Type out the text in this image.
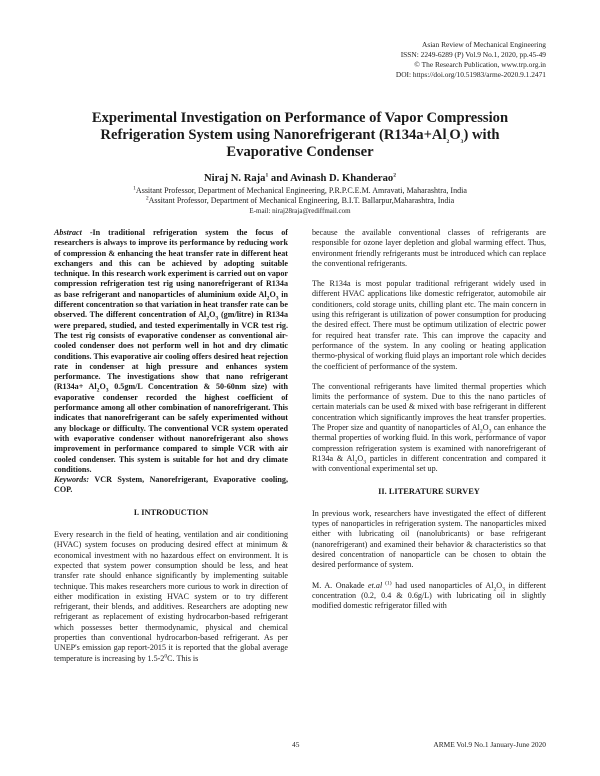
Asian Review of Mechanical Engineering
ISSN: 2249-6289 (P) Vol.9 No.1, 2020, pp.45-49
© The Research Publication, www.trp.org.in
DOI: https://doi.org/10.51983/arme-2020.9.1.2471
Experimental Investigation on Performance of Vapor Compression
Refrigeration System using Nanorefrigerant $(R134a+Al_2O_3)$ with
Evaporative Condenser
Niraj N. Raja$^1$ and Avinash D. Khanderao$^2$
$^1$Assitant Professor, Department of Mechanical Engineering, P.R.P.C.E.M. Amravati, Maharashtra, India
$^2$Assitant Professor, Department of Mechanical Engineering, B.I.T. Ballarpur,Maharashtra, India
E-mail: niraj28raja@rediffmail.com

Abstract -In traditional refrigeration system the focus of researchers is always to improve its performance by reducing work of compression & enhancing the heat transfer rate in different heat exchangers and this can be achieved by adopting suitable technique. In this research work experiment is carried out on vapor compression refrigeration test rig using nanorefrigerant of R134a as base refrigerant and nanoparticles of aluminium oxide $Al_2O_3$ in different concentration so that variation in heat transfer rate can be observed. The different concentration of $Al_2O_3$ (gm/litre) in R134a were prepared, studied, and tested experimentally in VCR test rig. The test rig consists of evaporative condenser as conventional air-cooled condenser does not perform well in hot and dry climatic conditions. This evaporative air cooling offers desired heat rejection rate in condenser at high pressure and enhances system performance. The investigations show that nano refrigerant ($R134a+ Al_2O_3$ 0.5gm/L Concentration & 50-60nm size) with evaporative condenser recorded the highest coefficient of performance among all other combination of nanorefrigerant. This indicates that nanorefrigerant can be safely experimented without any blockage or difficulty. The conventional VCR system operated with evaporative condenser without nanorefrigerant also shows improvement in performance compared to simple VCR with air cooled condenser. This system is suitable for hot and dry climate conditions.

Keywords: VCR System, Nanorefrigerant, Evaporative cooling, COP.

I. INTRODUCTION

Every research in the field of heating, ventilation and air conditioning (HVAC) system focuses on producing desired effect at minimum & economical investment with no hazardous effect on environment. It is expected that system power consumption should be less, and heat transfer rate should enhance significantly by implementing suitable technique. This makes researchers more curious to work in direction of either modification in existing HVAC system or to try different refrigerant, their blends, and additives. Researchers are adopting new refrigerant as replacement of existing hydrocarbon-based refrigerant which possesses better thermodynamic, physical and chemical properties than conventional hydrocarbon-based refrigerant. As per UNEP's emission gap report-2015 it is reported that the global average temperature is increasing by $1.5-2^0C$. This is

because the available conventional classes of refrigerants are responsible for ozone layer depletion and global warming effect. Thus, environment friendly refrigerants must be introduced which can replace the conventional refrigerants.

The R134a is most popular traditional refrigerant widely used in different HVAC applications like domestic refrigerator, automobile air conditioners, cold storage units, chilling plant etc. The main concern in using this refrigerant is utilization of power consumption for producing the desired effect. There must be optimum utilization of electric power for required heat transfer rate. This can improve the capacity and performance of the system. In any cooling or heating application thermo-physical of working fluid plays an important role which decides the coefficient of performance of the system.

The conventional refrigerants have limited thermal properties which limits the performance of system. Due to this the nano particles of certain materials can be used & mixed with base refrigerant in different concentration which significantly improves the heat transfer properties. The Proper size and quantity of nanoparticles of $Al_2O_3$ can enhance the thermal properties of working fluid. In this work, performance of vapor compression refrigeration system is examined with nanorefrigerant of R134a & $Al_2O_3$ particles in different concentration and compared it with conventional experimental set up.

II. LITERATURE SURVEY

In previous work, researchers have investigated the effect of different types of nanoparticles in refrigeration system. The nanoparticles mixed either with lubricating oil (nanolubricants) or base refrigerant (nanorefrigerant) and examined their behavior & characteristics so that desired concentration of nanoparticle can be chosen to obtain the desired performance of system.

M. A. Onakade et.al $^{(1)}$ had used nanoparticles of $Al_2O_3$ in different concentration (0.2, 0.4 & 0.6g/L) with lubricating oil in slightly modified domestic refrigerator filled with

45	ARME Vol.9 No.1 January-June 2020
